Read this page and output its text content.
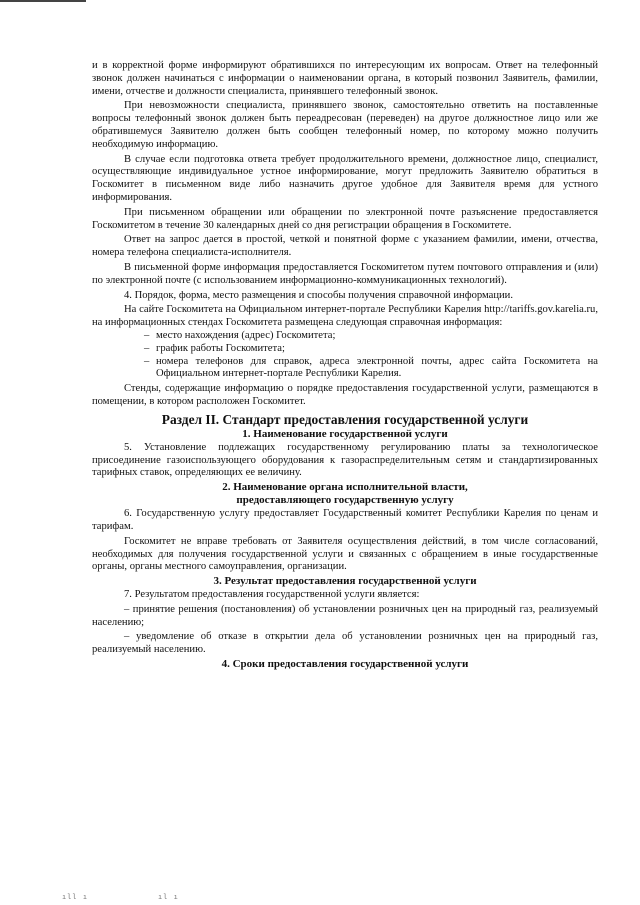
и в корректной форме информируют обратившихся по интересующим их вопросам. Ответ на телефонный звонок должен начинаться с информации о наименовании органа, в который позвонил Заявитель, фамилии, имени, отчестве и должности специалиста, принявшего телефонный звонок.

При невозможности специалиста, принявшего звонок, самостоятельно ответить на поставленные вопросы телефонный звонок должен быть переадресован (переведен) на другое должностное лицо или же обратившемуся Заявителю должен быть сообщен телефонный номер, по которому можно получить необходимую информацию.

В случае если подготовка ответа требует продолжительного времени, должностное лицо, специалист, осуществляющие индивидуальное устное информирование, могут предложить Заявителю обратиться в Госкомитет в письменном виде либо назначить другое удобное для Заявителя время для устного информирования.

При письменном обращении или обращении по электронной почте разъяснение предоставляется Госкомитетом в течение 30 календарных дней со дня регистрации обращения в Госкомитете.

Ответ на запрос дается в простой, четкой и понятной форме с указанием фамилии, имени, отчества, номера телефона специалиста-исполнителя.

В письменной форме информация предоставляется Госкомитетом путем почтового отправления и (или) по электронной почте (с использованием информационно-коммуникационных технологий).

4. Порядок, форма, место размещения и способы получения справочной информации.

На сайте Госкомитета на Официальном интернет-портале Республики Карелия http://tariffs.gov.karelia.ru, на информационных стендах Госкомитета размещена следующая справочная информация:

– место нахождения (адрес) Госкомитета;
– график работы Госкомитета;
– номера телефонов для справок, адреса электронной почты, адрес сайта Госкомитета на Официальном интернет-портале Республики Карелия.

Стенды, содержащие информацию о порядке предоставления государственной услуги, размещаются в помещении, в котором расположен Госкомитет.

Раздел II. Стандарт предоставления государственной услуги
1. Наименование государственной услуги

5. Установление подлежащих государственному регулированию платы за технологическое присоединение газоиспользующего оборудования к газораспределительным сетям и стандартизированных тарифных ставок, определяющих ее величину.

2. Наименование органа исполнительной власти,
предоставляющего государственную услугу

6. Государственную услугу предоставляет Государственный комитет Республики Карелия по ценам и тарифам.

Госкомитет не вправе требовать от Заявителя осуществления действий, в том числе согласований, необходимых для получения государственной услуги и связанных с обращением в иные государственные органы, органы местного самоуправления, организации.

3. Результат предоставления государственной услуги

7. Результатом предоставления государственной услуги является:

– принятие решения (постановления) об установлении розничных цен на природный газ, реализуемый населению;

– уведомление об отказе в открытии дела об установлении розничных цен на природный газ, реализуемый населению.

4. Сроки предоставления государственной услуги
ıll ı	ıl ı
